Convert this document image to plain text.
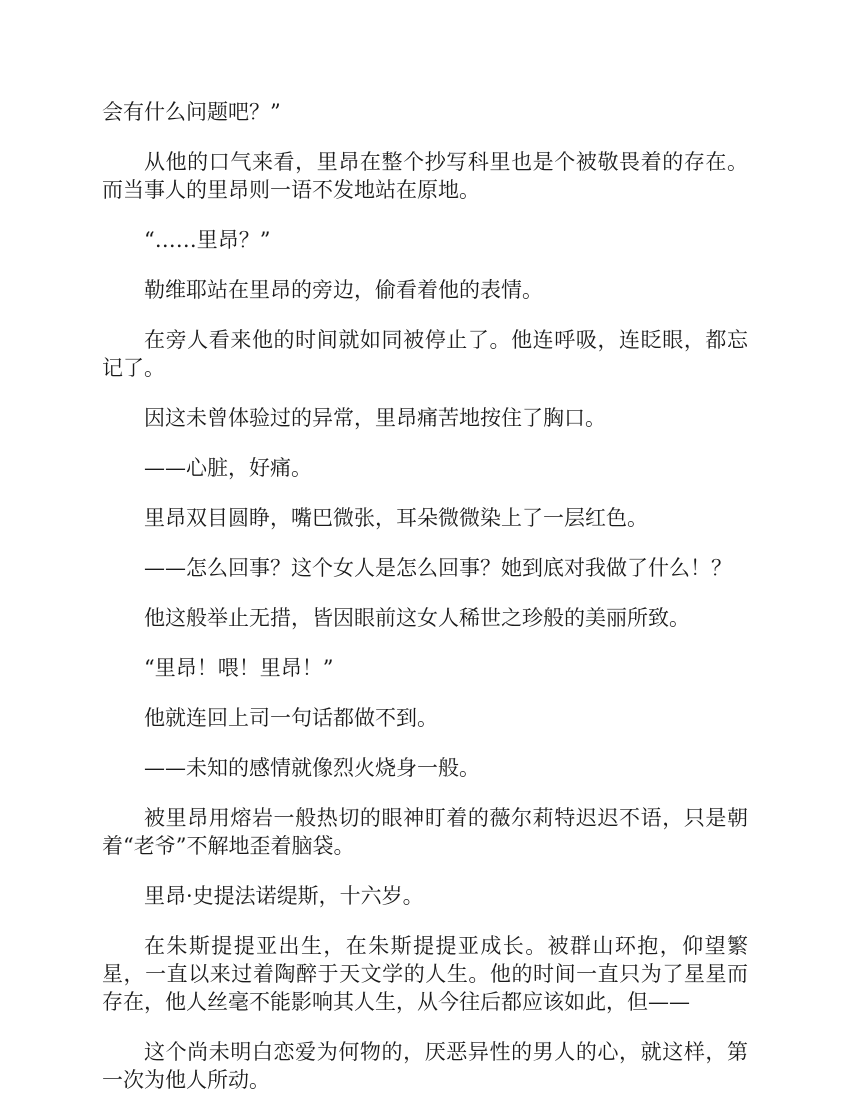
会有什么问题吧？”

从他的口气来看，里昂在整个抄写科里也是个被敬畏着的存在。而当事人的里昂则一语不发地站在原地。

“……里昂？”

勒维耶站在里昂的旁边，偷看着他的表情。

在旁人看来他的时间就如同被停止了。他连呼吸，连眨眼，都忘记了。

因这未曾体验过的异常，里昂痛苦地按住了胸口。

——心脏，好痛。

里昂双目圆睁，嘴巴微张，耳朵微微染上了一层红色。

——怎么回事？这个女人是怎么回事？她到底对我做了什么！？

他这般举止无措，皆因眼前这女人稀世之珍般的美丽所致。

“里昂！喂！里昂！”

他就连回上司一句话都做不到。

——未知的感情就像烈火烧身一般。

被里昂用熔岩一般热切的眼神盯着的薇尔莉特迟迟不语，只是朝着“老爷”不解地歪着脑袋。

里昂·史提法诺缇斯，十六岁。

在朱斯提提亚出生，在朱斯提提亚成长。被群山环抱，仰望繁星，一直以来过着陶醉于天文学的人生。他的时间一直只为了星星而存在，他人丝毫不能影响其人生，从今往后都应该如此，但——

这个尚未明白恋爱为何物的，厌恶异性的男人的心，就这样，第一次为他人所动。
